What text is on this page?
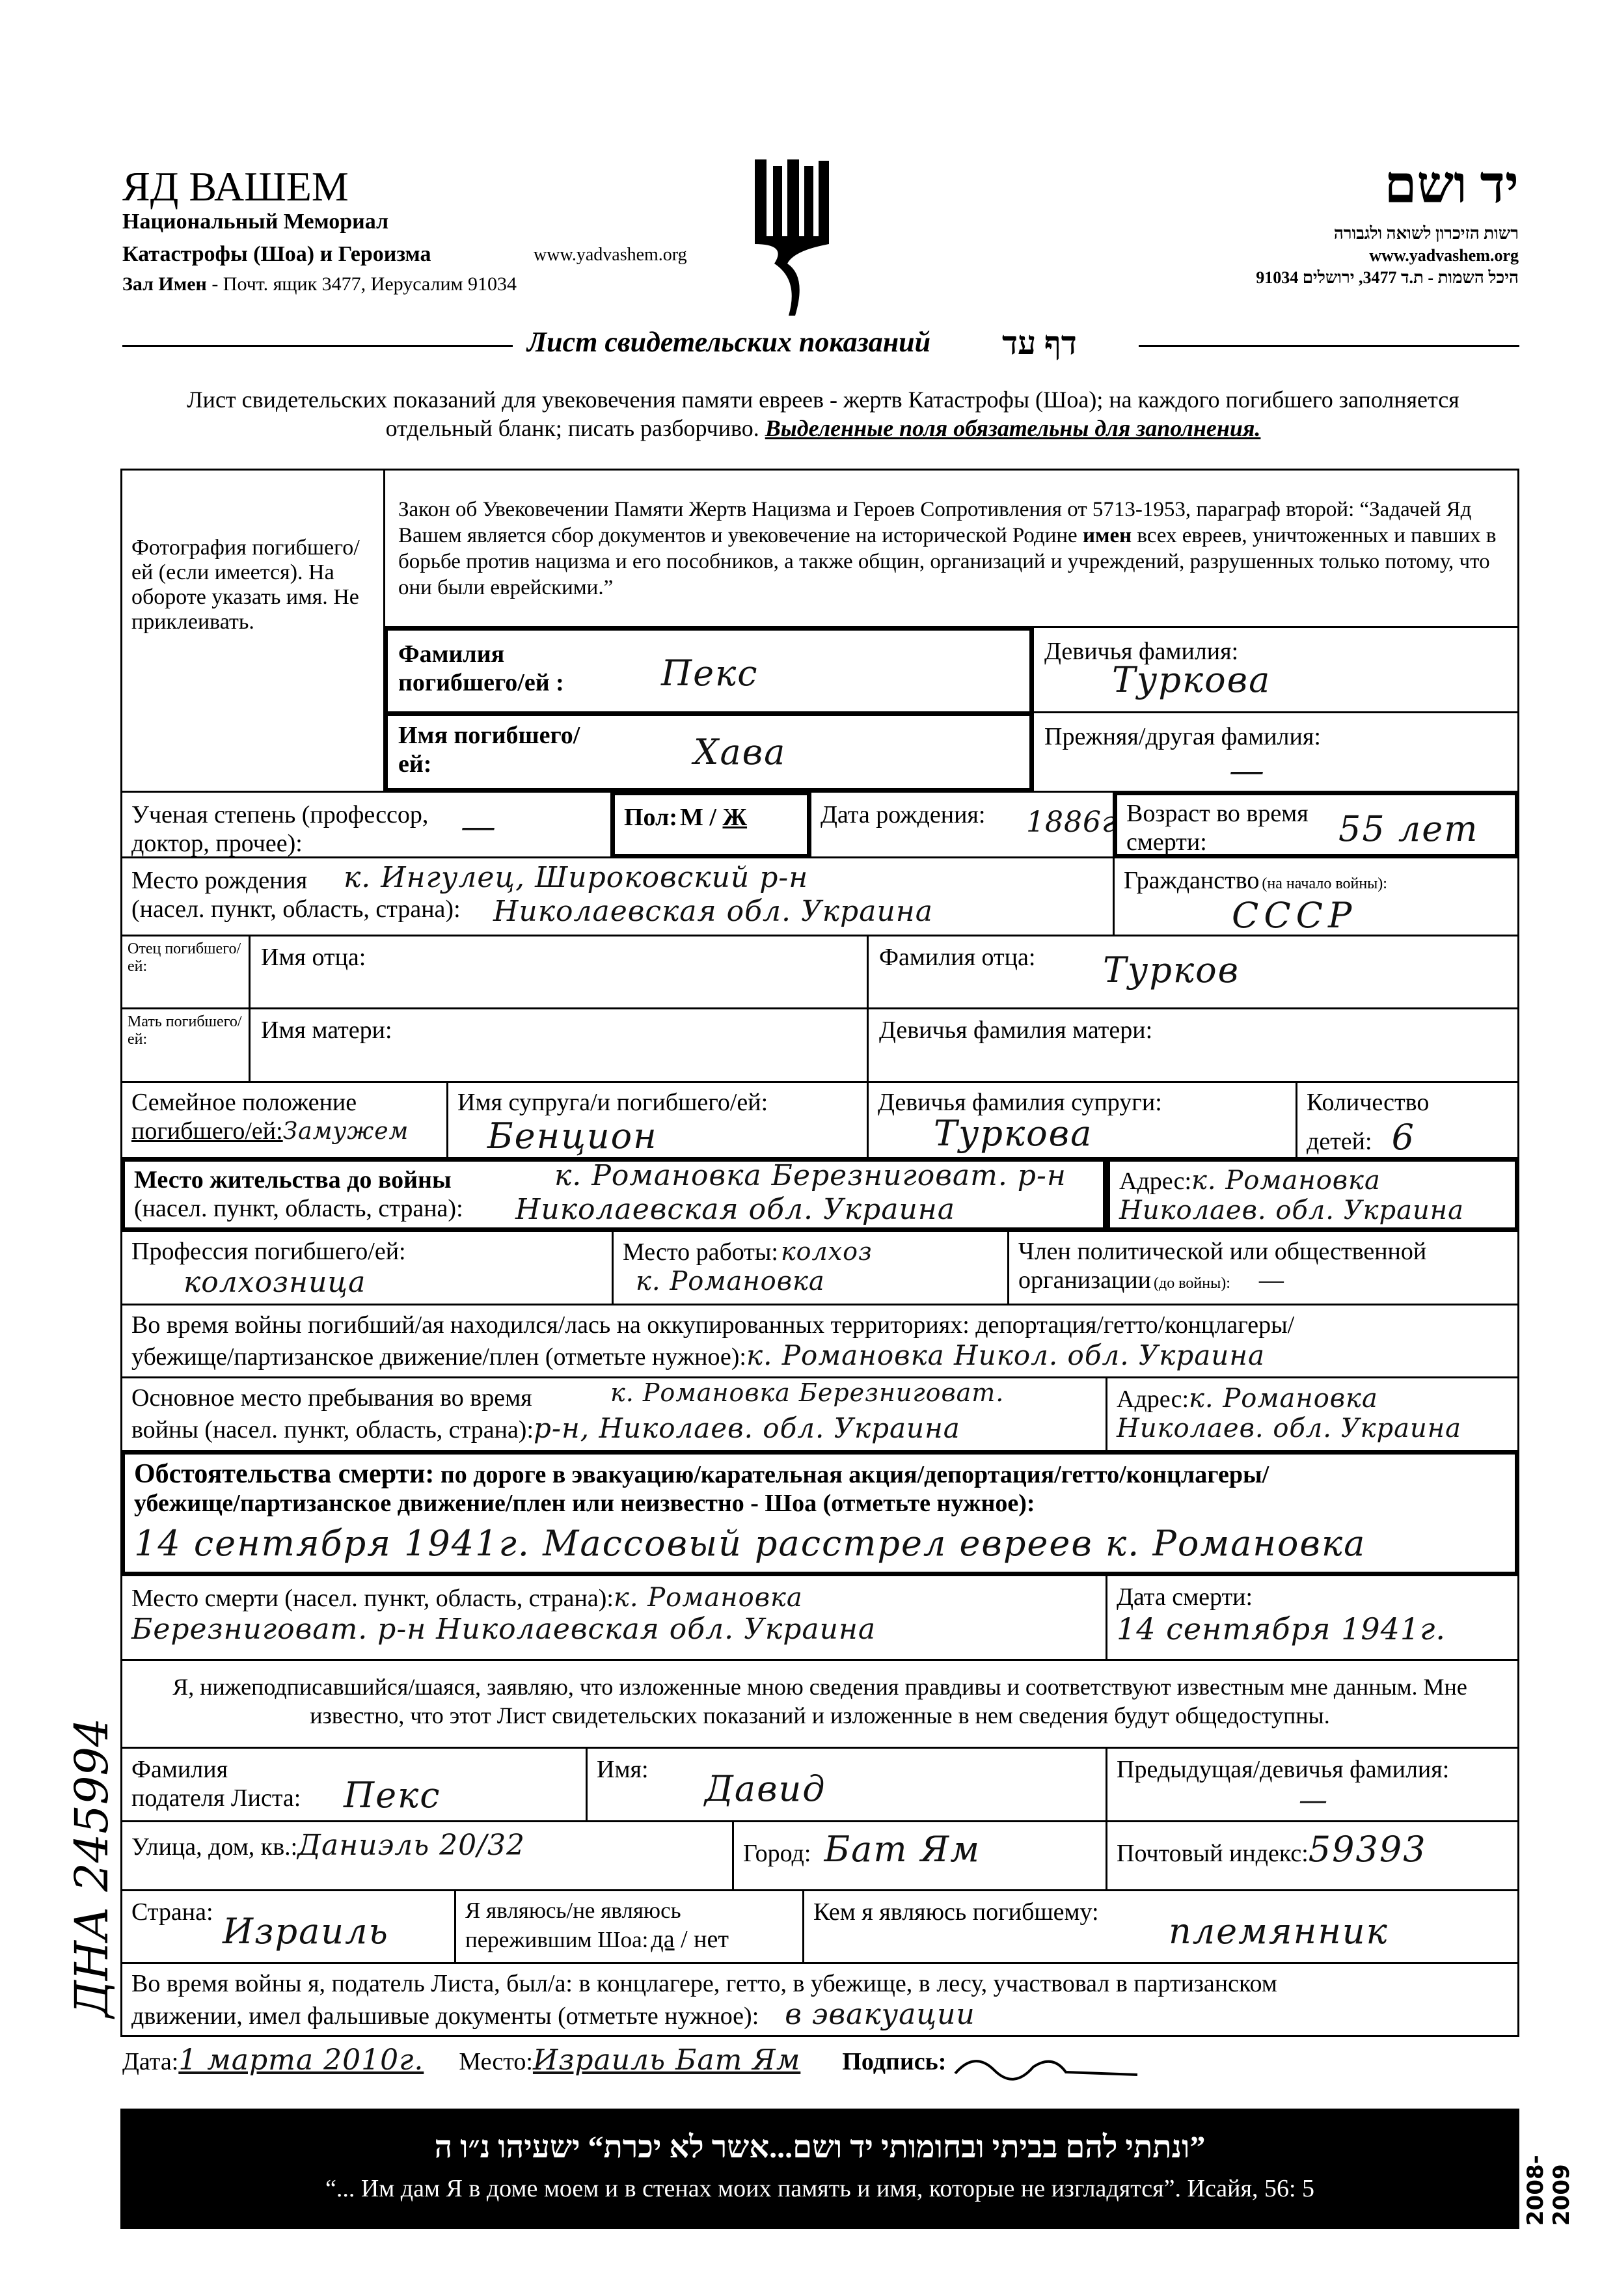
ЯД ВАШЕМ
Национальный Мемориал
Катастрофы (Шоа) и Героизма	www.yadvashem.org
Зал Имен - Почт. ящик 3477, Иерусалим 91034
יד ושם
רשות הזיכרון לשואה ולגבורה
www.yadvashem.org
היכל השמות - ת.ד 3477, ירושלים 91034
Лист свидетельских показаний דף עד
Лист свидетельских показаний для увековечения памяти евреев - жертв Катастрофы (Шоа); на каждого погибшего заполняется отдельный бланк; писать разборчиво. Выделенные поля обязательны для заполнения.
Фотография погибшего/ей (если имеется). На обороте указать имя. Не приклеивать.
Закон об Увековечении Памяти Жертв Нацизма и Героев Сопротивления от 5713-1953, параграф второй: “Задачей Яд Вашем является сбор документов и увековечение на исторической Родине имен всех евреев, уничтоженных и павших в борьбе против нацизма и его пособников, а также общин, организаций и учреждений, разрушенных только потому, что они были еврейскими.”
Фамилия погибшего/ей :	Пекс
Девичья фамилия:
Туркова
Имя погибшего/ей:	Хава	Прежняя/другая фамилия:
—
Ученая степень (профессор, доктор, прочее):	—	Пол: М / Ж	Дата рождения: 1886г Возраст во время смерти:	55 лет
Место рождения
(насел. пункт, область, страна):
к. Ингулец, Широковский р-н
Николаевская обл. Украина
Гражданство (на начало войны):
СССР
Отец погибшего/ ей:	Имя отца:	Фамилия отца:	Турков
Мать погибшего/ ей:	Имя матери:	Девичья фамилия матери:
Семейное положение
погибшего/ей:Замужем
Имя супруга/и погибшего/ей:
Бенцион
Девичья фамилия супруги:
Туркова
Количество
детей: 6
Место жительства до войны
(насел. пункт, область, страна):
к. Романовка Березниговат. р-н
Николаевская обл. Украина
Адрес:к. Романовка
Николаев. обл. Украина
Профессия погибшего/ей:
колхозница
Место работы: колхоз
к. Романовка
Член политической или общественной
организации (до войны): —
Во время войны погибший/ая находился/лась на оккупированных территориях: депортация/гетто/концлагеры/
убежище/партизанское движение/плен (отметьте нужное):к. Романовка Никол. обл. Украина
Основное место пребывания во время
войны (насел. пункт, область, страна):р-н, Николаев. обл. Украина
к. Романовка Березниговат.	Адрес:к. Романовка
Николаев. обл. Украина
Обстоятельства смерти: по дороге в эвакуацию/карательная акция/депортация/гетто/концлагеры/
убежище/партизанское движение/плен или неизвестно - Шоа (отметьте нужное):
14 сентября 1941г. Массовый расстрел евреев к. Романовка
Место смерти (насел. пункт, область, страна):к. Романовка
Березниговат. р-н Николаевская обл. Украина
Дата смерти:
14 сентября 1941г.
Я, нижеподписавшийся/шаяся, заявляю, что изложенные мною сведения правдивы и соответствуют известным мне данным. Мне известно, что этот Лист свидетельских показаний и изложенные в нем сведения будут общедоступны.
Фамилия подателя Листа:	Пекс
Имя: Давид	Предыдущая/девичья фамилия:
—
Улица, дом, кв.:Даниэль 20/32	Город: Бат Ям	Почтовый индекс:59393
Страна: Израиль
Я являюсь/не являюсь
пережившим Шоа: да / нет
Кем я являюсь погибшему: племянник
Во время войны я, податель Листа, был/а: в концлагере, гетто, в убежище, в лесу, участвовал в партизанском
движении, имел фальшивые документы (отметьте нужное): в эвакуации
Дата:1 марта 2010г. Место:Израиль Бат Ям Подпись:
”ונתתי להם בביתי ובחומותי יד ושם...אשר לא יכרת“ ישעיהו נ״ו ה
“... Им дам Я в доме моем и в стенах моих память и имя, которые не изгладятся”. Исайя, 56: 5	2008-2009
ДНА 245994
